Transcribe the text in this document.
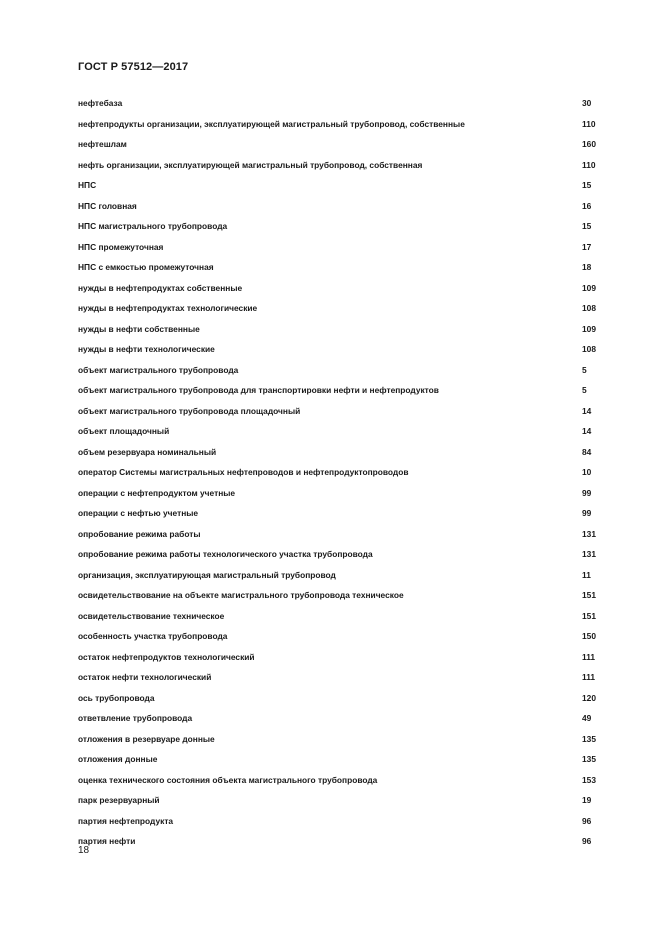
ГОСТ Р 57512—2017
нефтебаза	30
нефтепродукты организации, эксплуатирующей магистральный трубопровод, собственные	110
нефтешлам	160
нефть организации, эксплуатирующей магистральный трубопровод, собственная	110
НПС	15
НПС головная	16
НПС магистрального трубопровода	15
НПС промежуточная	17
НПС с емкостью промежуточная	18
нужды в нефтепродуктах собственные	109
нужды в нефтепродуктах технологические	108
нужды в нефти собственные	109
нужды в нефти технологические	108
объект магистрального трубопровода	5
объект магистрального трубопровода для транспортировки нефти и нефтепродуктов	5
объект магистрального трубопровода площадочный	14
объект площадочный	14
объем резервуара номинальный	84
оператор Системы магистральных нефтепроводов и нефтепродуктопроводов	10
операции с нефтепродуктом учетные	99
операции с нефтью учетные	99
опробование режима работы	131
опробование режима работы технологического участка трубопровода	131
организация, эксплуатирующая магистральный трубопровод	11
освидетельствование на объекте магистрального трубопровода техническое	151
освидетельствование техническое	151
особенность участка трубопровода	150
остаток нефтепродуктов технологический	111
остаток нефти технологический	111
ось трубопровода	120
ответвление трубопровода	49
отложения в резервуаре донные	135
отложения донные	135
оценка технического состояния объекта магистрального трубопровода	153
парк резервуарный	19
партия нефтепродукта	96
партия нефти	96
18
